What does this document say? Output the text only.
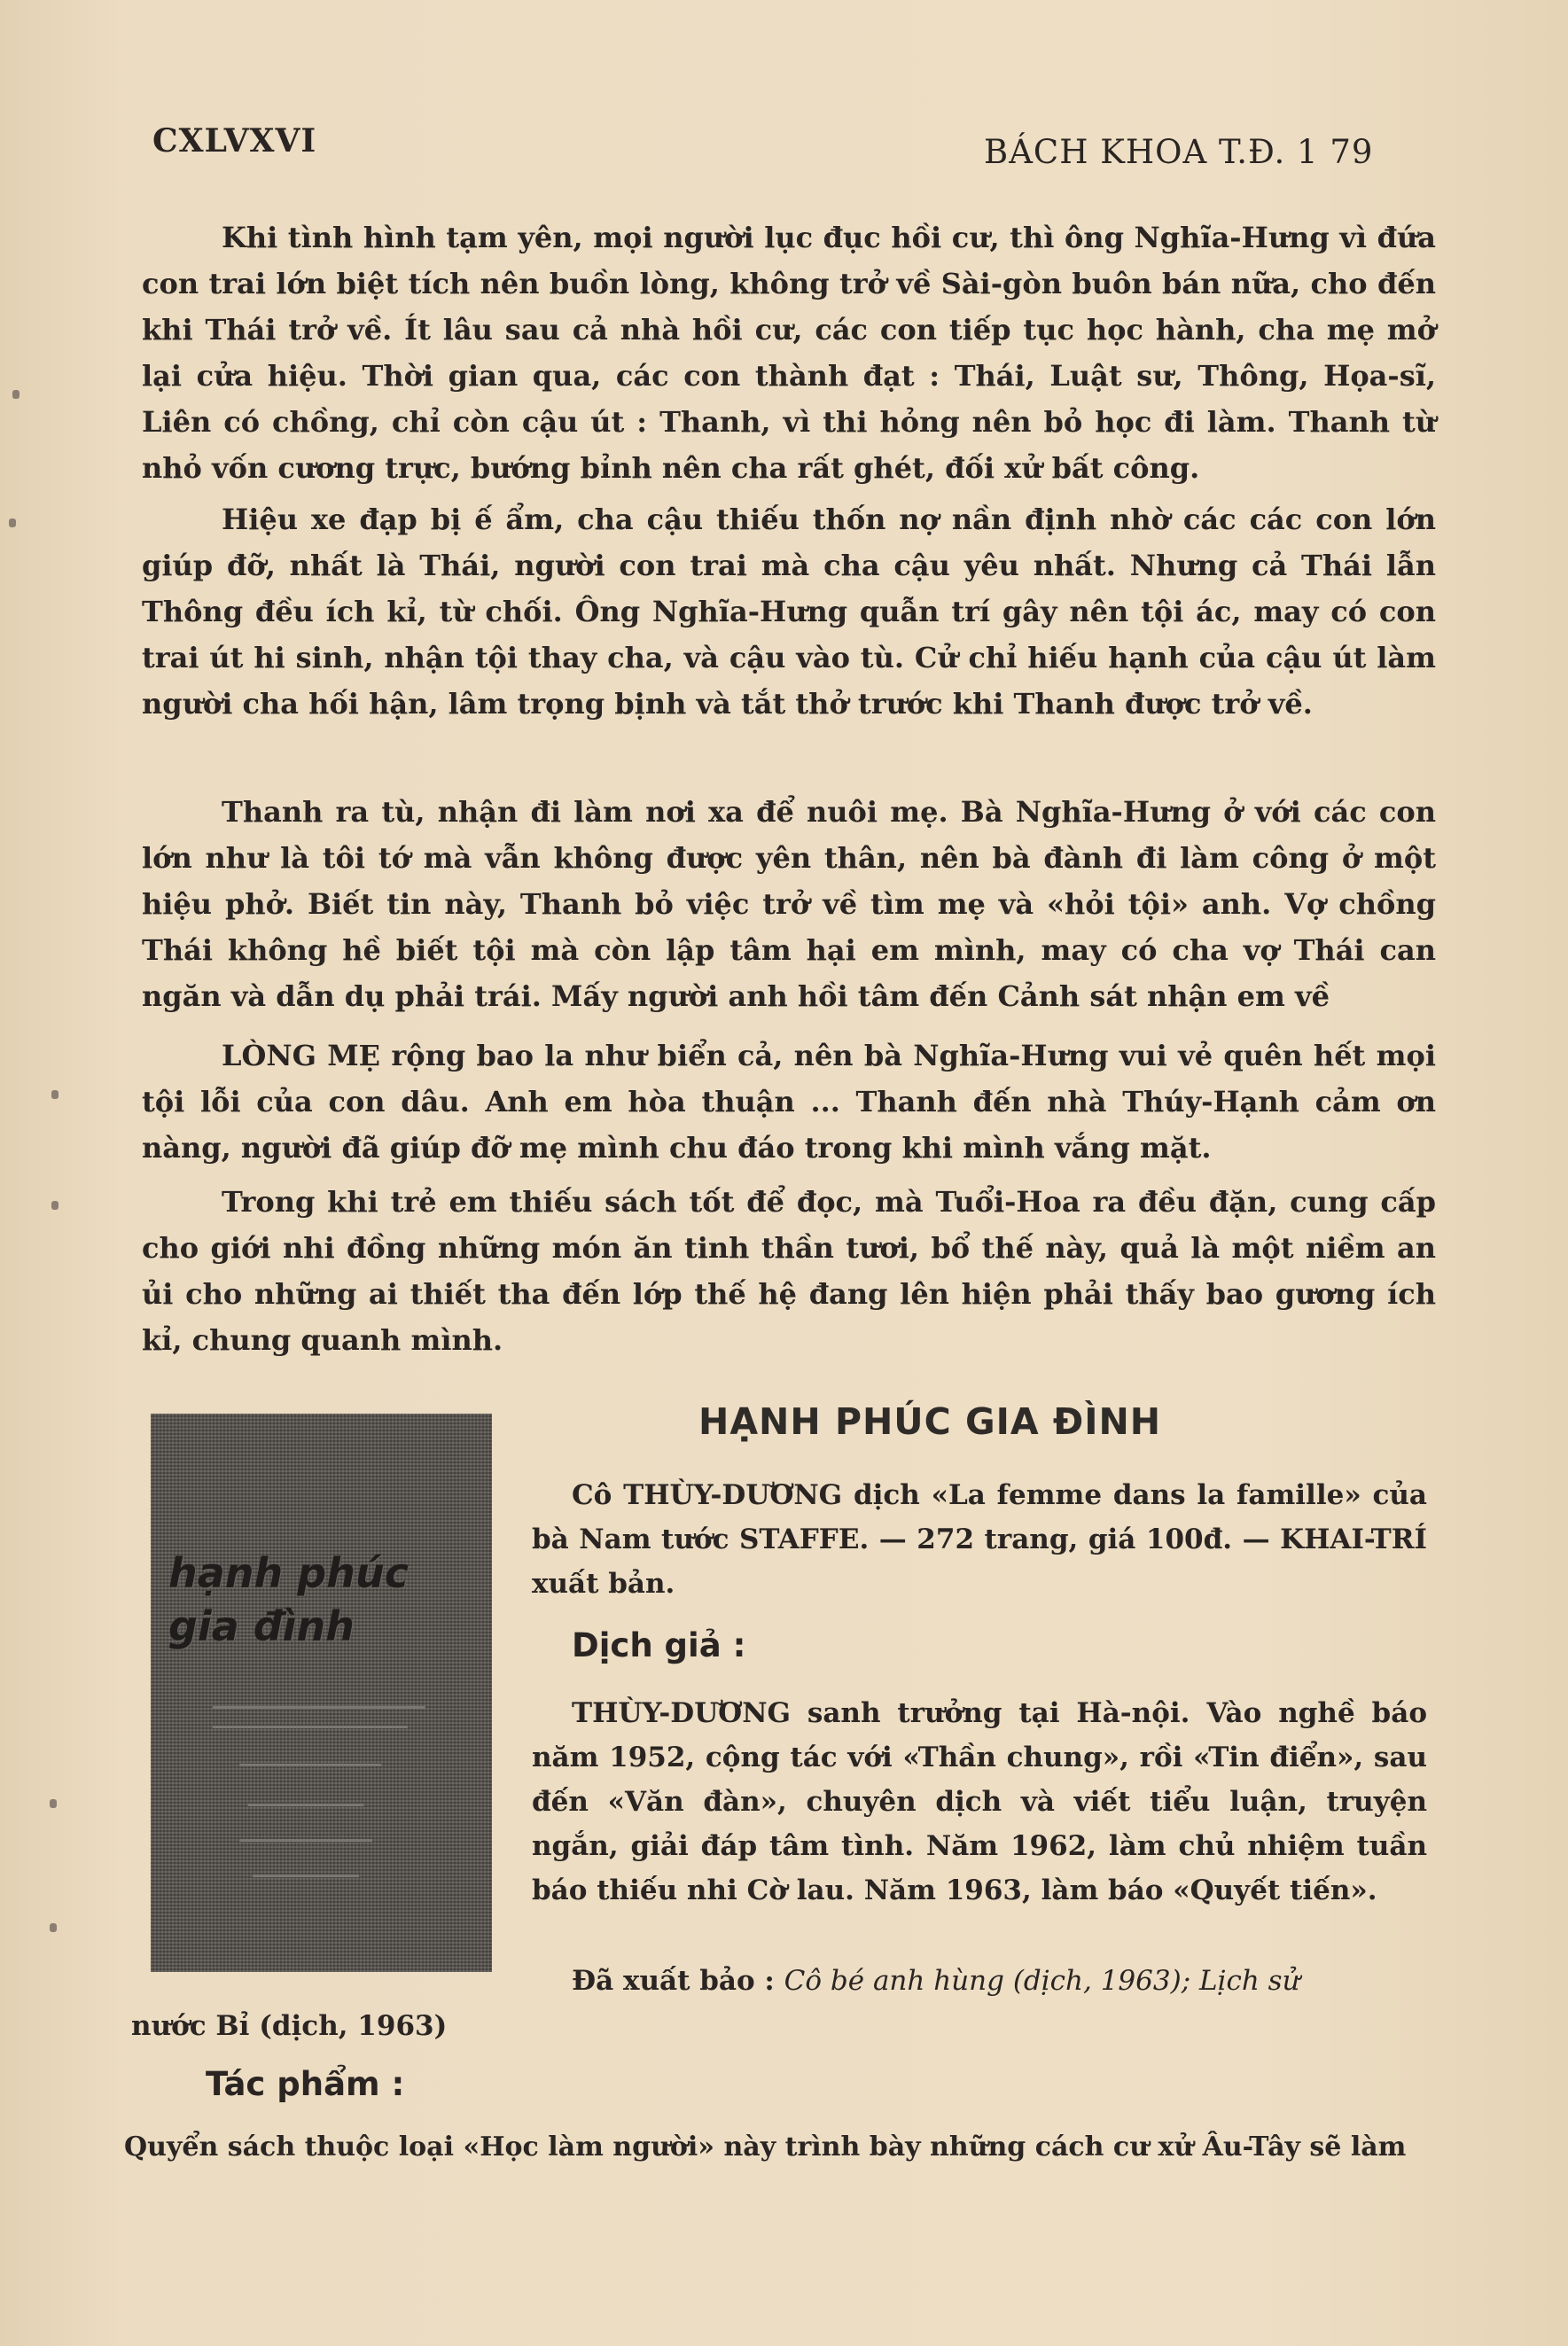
CXLVXVI	BÁCH KHOA T.Đ. 1 79

Khi tình hình tạm yên, mọi người lục đục hồi cư, thì ông Nghĩa-Hưng vì đứa con trai lớn biệt tích nên buồn lòng, không trở về Sài-gòn buôn bán nữa, cho đến khi Thái trở về. Ít lâu sau cả nhà hồi cư, các con tiếp tục học hành, cha mẹ mở lại cửa hiệu. Thời gian qua, các con thành đạt : Thái, Luật sư, Thông, Họa-sĩ, Liên có chồng, chỉ còn cậu út : Thanh, vì thi hỏng nên bỏ học đi làm. Thanh từ nhỏ vốn cương trực, bướng bỉnh nên cha rất ghét, đối xử bất công.

Hiệu xe đạp bị ế ẩm, cha cậu thiếu thốn nợ nần định nhờ các các con lớn giúp đỡ, nhất là Thái, người con trai mà cha cậu yêu nhất. Nhưng cả Thái lẫn Thông đều ích kỉ, từ chối. Ông Nghĩa-Hưng quẫn trí gây nên tội ác, may có con trai út hi sinh, nhận tội thay cha, và cậu vào tù. Cử chỉ hiếu hạnh của cậu út làm người cha hối hận, lâm trọng bịnh và tắt thở trước khi Thanh được trở về.

Thanh ra tù, nhận đi làm nơi xa để nuôi mẹ. Bà Nghĩa-Hưng ở với các con lớn như là tôi tớ mà vẫn không được yên thân, nên bà đành đi làm công ở một hiệu phở. Biết tin này, Thanh bỏ việc trở về tìm mẹ và «hỏi tội» anh. Vợ chồng Thái không hề biết tội mà còn lập tâm hại em mình, may có cha vợ Thái can ngăn và dẫn dụ phải trái. Mấy người anh hồi tâm đến Cảnh sát nhận em về

LÒNG MẸ rộng bao la như biển cả, nên bà Nghĩa-Hưng vui vẻ quên hết mọi tội lỗi của con dâu. Anh em hòa thuận ... Thanh đến nhà Thúy-Hạnh cảm ơn nàng, người đã giúp đỡ mẹ mình chu đáo trong khi mình vắng mặt.

Trong khi trẻ em thiếu sách tốt để đọc, mà Tuổi-Hoa ra đều đặn, cung cấp cho giới nhi đồng những món ăn tinh thần tươi, bổ thế này, quả là một niềm an ủi cho những ai thiết tha đến lớp thế hệ đang lên hiện phải thấy bao gương ích kỉ, chung quanh mình.

hạnh phúc
gia đình
HẠNH PHÚC GIA ĐÌNH

Cô THÙY-DƯƠNG dịch «La femme dans la famille» của bà Nam tước STAFFE. — 272 trang, giá 100đ. — KHAI-TRÍ xuất bản.

Dịch giả :

THÙY-DƯƠNG sanh trưởng tại Hà-nội. Vào nghề báo năm 1952, cộng tác với «Thần chung», rồi «Tin điển», sau đến «Văn đàn», chuyên dịch và viết tiểu luận, truyện ngắn, giải đáp tâm tình. Năm 1962, làm chủ nhiệm tuần báo thiếu nhi Cờ lau. Năm 1963, làm báo «Quyết tiến».

Đã xuất bảo : Cô bé anh hùng (dịch, 1963); Lịch sử

nước Bỉ (dịch, 1963)
Tác phẩm :
Quyển sách thuộc loại «Học làm người» này trình bày những cách cư xử Âu-Tây sẽ làm
